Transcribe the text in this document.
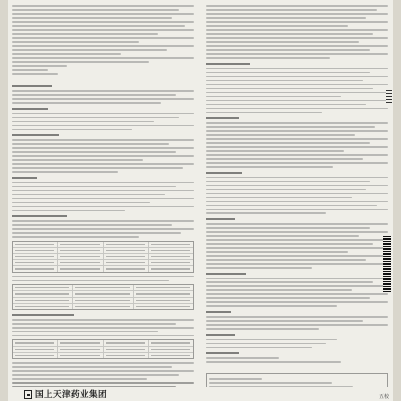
国上天津药业集团	五校
